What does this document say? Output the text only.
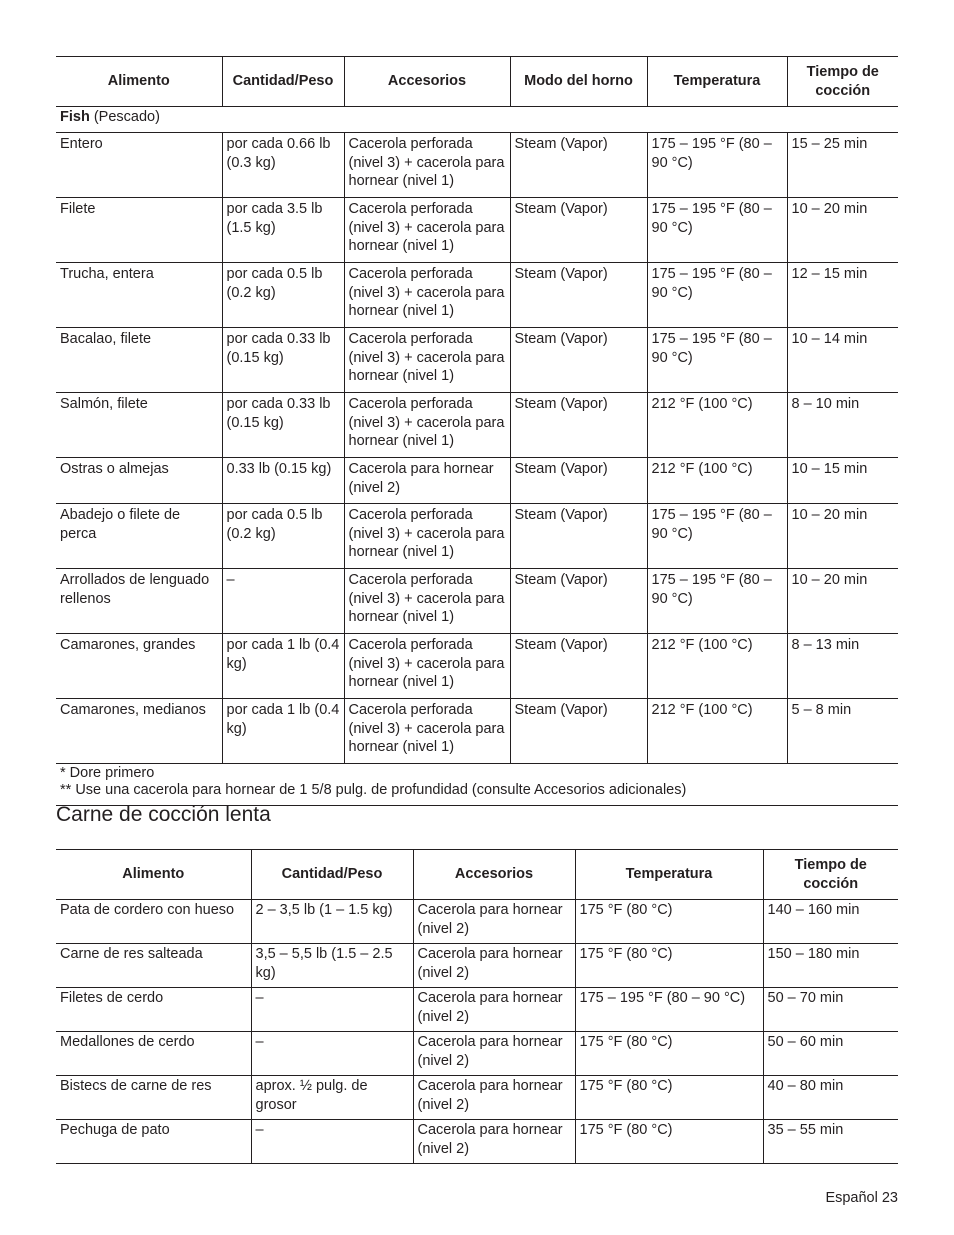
Alimento	Cantidad/Peso	Accesorios	Modo del horno	Temperatura	Tiempo de cocción
Fish (Pescado)					
Entero	por cada 0.66 lb (0.3 kg)	Cacerola perforada (nivel 3) + cacerola para hornear (nivel 1)	Steam (Vapor)	175 – 195 °F (80 – 90 °C)	15 – 25 min
Filete	por cada 3.5 lb (1.5 kg)	Cacerola perforada (nivel 3) + cacerola para hornear (nivel 1)	Steam (Vapor)	175 – 195 °F (80 – 90 °C)	10 – 20 min
Trucha, entera	por cada 0.5 lb (0.2 kg)	Cacerola perforada (nivel 3) + cacerola para hornear (nivel 1)	Steam (Vapor)	175 – 195 °F (80 – 90 °C)	12 – 15 min
Bacalao, filete	por cada 0.33 lb (0.15 kg)	Cacerola perforada (nivel 3) + cacerola para hornear (nivel 1)	Steam (Vapor)	175 – 195 °F (80 – 90 °C)	10 – 14 min
Salmón, filete	por cada 0.33 lb (0.15 kg)	Cacerola perforada (nivel 3) + cacerola para hornear (nivel 1)	Steam (Vapor)	212 °F (100 °C)	8 – 10 min
Ostras o almejas	0.33 lb (0.15 kg)	Cacerola para hornear (nivel 2)	Steam (Vapor)	212 °F (100 °C)	10 – 15 min
Abadejo o filete de perca	por cada 0.5 lb (0.2 kg)	Cacerola perforada (nivel 3) + cacerola para hornear (nivel 1)	Steam (Vapor)	175 – 195 °F (80 – 90 °C)	10 – 20 min
Arrollados de lenguado rellenos	–	Cacerola perforada (nivel 3) + cacerola para hornear (nivel 1)	Steam (Vapor)	175 – 195 °F (80 – 90 °C)	10 – 20 min
Camarones, grandes	por cada 1 lb (0.4 kg)	Cacerola perforada (nivel 3) + cacerola para hornear (nivel 1)	Steam (Vapor)	212 °F (100 °C)	8 – 13 min
Camarones, medianos	por cada 1 lb (0.4 kg)	Cacerola perforada (nivel 3) + cacerola para hornear (nivel 1)	Steam (Vapor)	212 °F (100 °C)	5 – 8 min

* Dore primero
** Use una cacerola para hornear de 1 5/8 pulg. de profundidad (consulte Accesorios adicionales)					
Carne de cocción lenta
Alimento	Cantidad/Peso	Accesorios	Temperatura	Tiempo de cocción
Pata de cordero con hueso	2 – 3,5 lb (1 – 1.5 kg)	Cacerola para hornear (nivel 2)	175 °F (80 °C)	140 – 160 min
Carne de res salteada	3,5 – 5,5 lb (1.5 – 2.5 kg)	Cacerola para hornear (nivel 2)	175 °F (80 °C)	150 – 180 min
Filetes de cerdo	–	Cacerola para hornear (nivel 2)	175 – 195 °F (80 – 90 °C)	50 – 70 min
Medallones de cerdo	–	Cacerola para hornear (nivel 2)	175 °F (80 °C)	50 – 60 min
Bistecs de carne de res	aprox. ½ pulg. de grosor	Cacerola para hornear (nivel 2)	175 °F (80 °C)	40 – 80 min
Pechuga de pato	–	Cacerola para hornear (nivel 2)	175 °F (80 °C)	35 – 55 min
Español 23
